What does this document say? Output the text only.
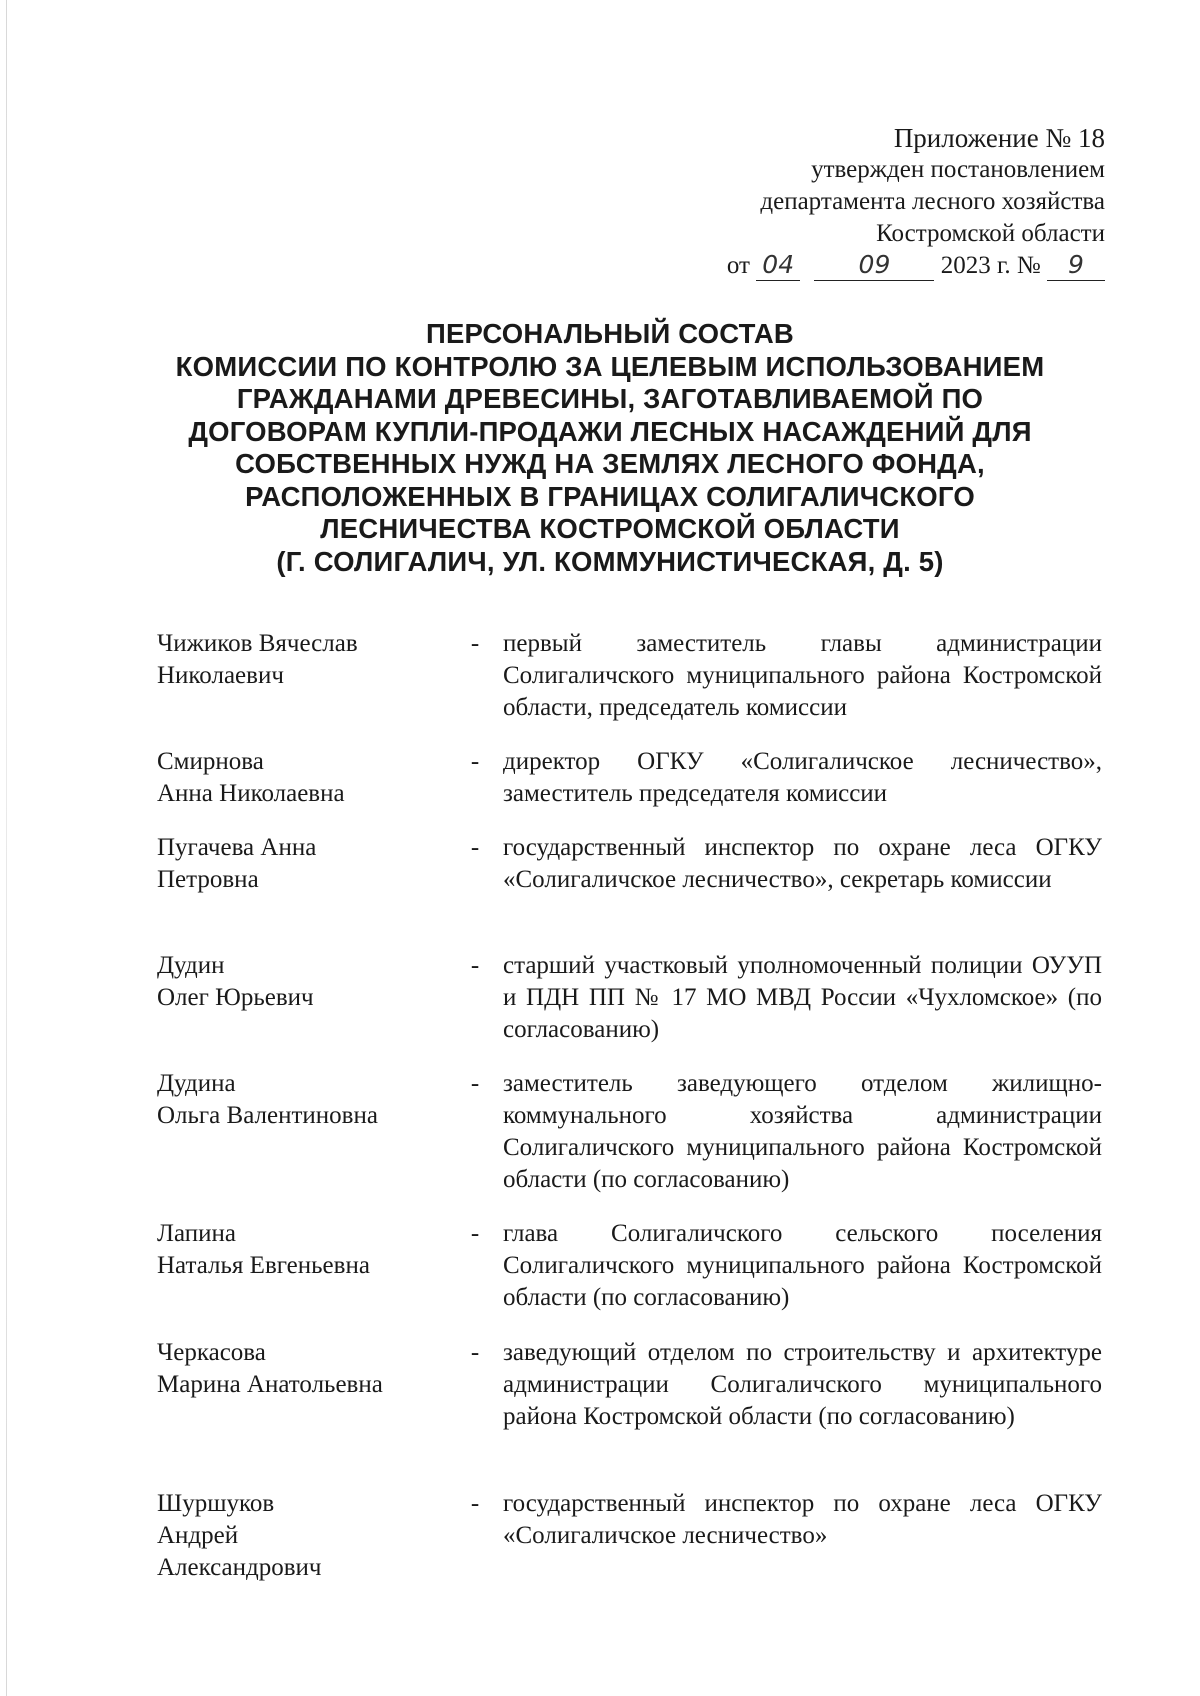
Приложение № 18
утвержден постановлением
департамента лесного хозяйства
Костромской области
от 04	09 2023 г. № 9
ПЕРСОНАЛЬНЫЙ СОСТАВ
КОМИССИИ ПО КОНТРОЛЮ ЗА ЦЕЛЕВЫМ ИСПОЛЬЗОВАНИЕМ
ГРАЖДАНАМИ ДРЕВЕСИНЫ, ЗАГОТАВЛИВАЕМОЙ ПО
ДОГОВОРАМ КУПЛИ-ПРОДАЖИ ЛЕСНЫХ НАСАЖДЕНИЙ ДЛЯ
СОБСТВЕННЫХ НУЖД НА ЗЕМЛЯХ ЛЕСНОГО ФОНДА,
РАСПОЛОЖЕННЫХ В ГРАНИЦАХ СОЛИГАЛИЧСКОГО
ЛЕСНИЧЕСТВА КОСТРОМСКОЙ ОБЛАСТИ
(Г. СОЛИГАЛИЧ, УЛ. КОММУНИСТИЧЕСКАЯ, Д. 5)
Чижиков Вячеслав
Николаевич
- первый заместитель главы администрации Солигаличского муниципального района Костромской области, председатель комиссии
Смирнова
Анна Николаевна
- директор ОГКУ «Солигаличское лесничество», заместитель председателя комиссии
Пугачева Анна
Петровна
- государственный инспектор по охране леса ОГКУ «Солигаличское лесничество», секретарь комиссии
Дудин
Олег Юрьевич
- старший участковый уполномоченный полиции ОУУП и ПДН ПП № 17 МО МВД России «Чухломское» (по согласованию)
Дудина
Ольга Валентиновна
- заместитель заведующего отделом жилищно-коммунального хозяйства администрации Солигаличского муниципального района Костромской области (по согласованию)
Лапина
Наталья Евгеньевна
- глава Солигаличского сельского поселения Солигаличского муниципального района Костромской области (по согласованию)
Черкасова
Марина Анатольевна
- заведующий отделом по строительству и архитектуре администрации Солигаличского муниципального района Костромской области (по согласованию)
Шуршуков
Андрей
Александрович
- государственный инспектор по охране леса ОГКУ «Солигаличское лесничество»
